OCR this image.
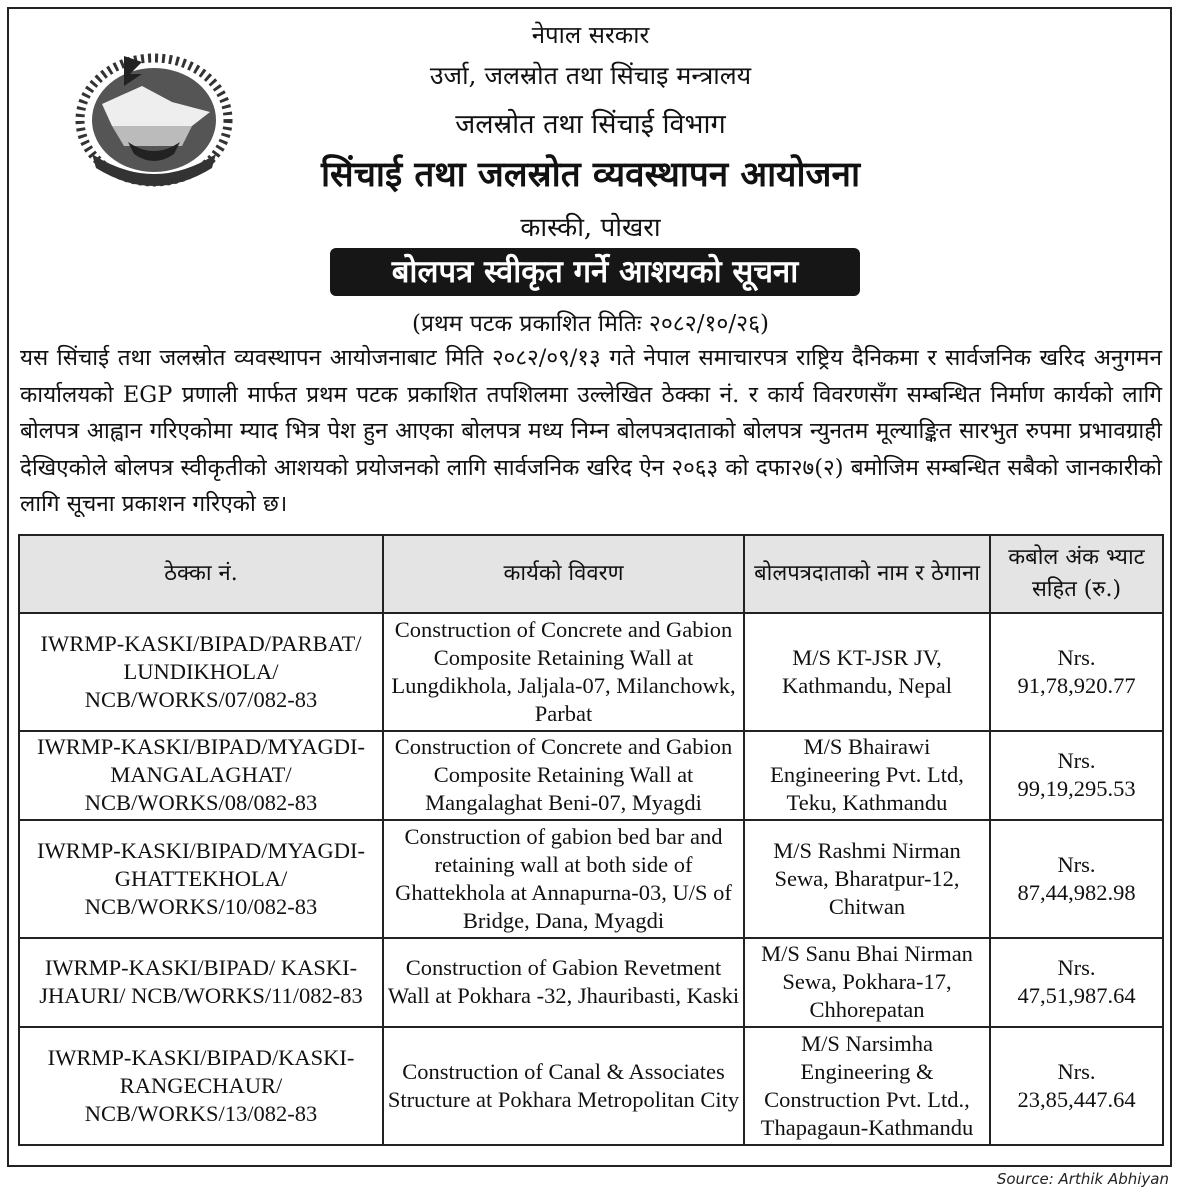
नेपाल सरकार
उर्जा, जलस्रोत तथा सिंचाइ मन्त्रालय
जलस्रोत तथा सिंचाई विभाग
सिंचाई तथा जलस्रोत व्यवस्थापन आयोजना
कास्की, पोखरा
बोलपत्र स्वीकृत गर्ने आशयको सूचना
(प्रथम पटक प्रकाशित मितिः २०८२/१०/२६)
यस सिंचाई तथा जलस्रोत व्यवस्थापन आयोजनाबाट मिति २०८२/०९/१३ गते नेपाल समाचारपत्र राष्ट्रिय दैनिकमा र सार्वजनिक खरिद अनुगमन कार्यालयको EGP प्रणाली मार्फत प्रथम पटक प्रकाशित तपशिलमा उल्लेखित ठेक्का नं. र कार्य विवरणसँग सम्बन्धित निर्माण कार्यको लागि बोलपत्र आह्वान गरिएकोमा म्याद भित्र पेश हुन आएका बोलपत्र मध्य निम्न बोलपत्रदाताको बोलपत्र न्युनतम मूल्याङ्कित सारभुत रुपमा प्रभावग्राही देखिएकोले बोलपत्र स्वीकृतीको आशयको प्रयोजनको लागि सार्वजनिक खरिद ऐन २०६३ को दफा२७(२) बमोजिम सम्बन्धित सबैको जानकारीको लागि सूचना प्रकाशन गरिएको छ।
ठेक्का नं.	कार्यको विवरण	बोलपत्रदाताको नाम र ठेगाना	कबोल अंक भ्याट सहित (रु.)
IWRMP-KASKI/BIPAD/PARBAT/ LUNDIKHOLA/ NCB/WORKS/07/082-83	Construction of Concrete and Gabion Composite Retaining Wall at Lungdikhola, Jaljala-07, Milanchowk, Parbat	M/S KT-JSR JV, Kathmandu, Nepal	Nrs.
91,78,920.77
IWRMP-KASKI/BIPAD/MYAGDI-MANGALAGHAT/ NCB/WORKS/08/082-83	Construction of Concrete and Gabion Composite Retaining Wall at Mangalaghat Beni-07, Myagdi	M/S Bhairawi Engineering Pvt. Ltd, Teku, Kathmandu	Nrs.
99,19,295.53
IWRMP-KASKI/BIPAD/MYAGDI-GHATTEKHOLA/ NCB/WORKS/10/082-83	Construction of gabion bed bar and retaining wall at both side of Ghattekhola at Annapurna-03, U/S of Bridge, Dana, Myagdi	M/S Rashmi Nirman Sewa, Bharatpur-12, Chitwan	Nrs.
87,44,982.98
IWRMP-KASKI/BIPAD/ KASKI-JHAURI/ NCB/WORKS/11/082-83	Construction of Gabion Revetment Wall at Pokhara -32, Jhauribasti, Kaski	M/S Sanu Bhai Nirman Sewa, Pokhara-17, Chhorepatan	Nrs.
47,51,987.64
IWRMP-KASKI/BIPAD/KASKI-RANGECHAUR/ NCB/WORKS/13/082-83	Construction of Canal & Associates Structure at Pokhara Metropolitan City	M/S Narsimha Engineering & Construction Pvt. Ltd., Thapagaun-Kathmandu	Nrs.
23,85,447.64
Source: Arthik Abhiyan
